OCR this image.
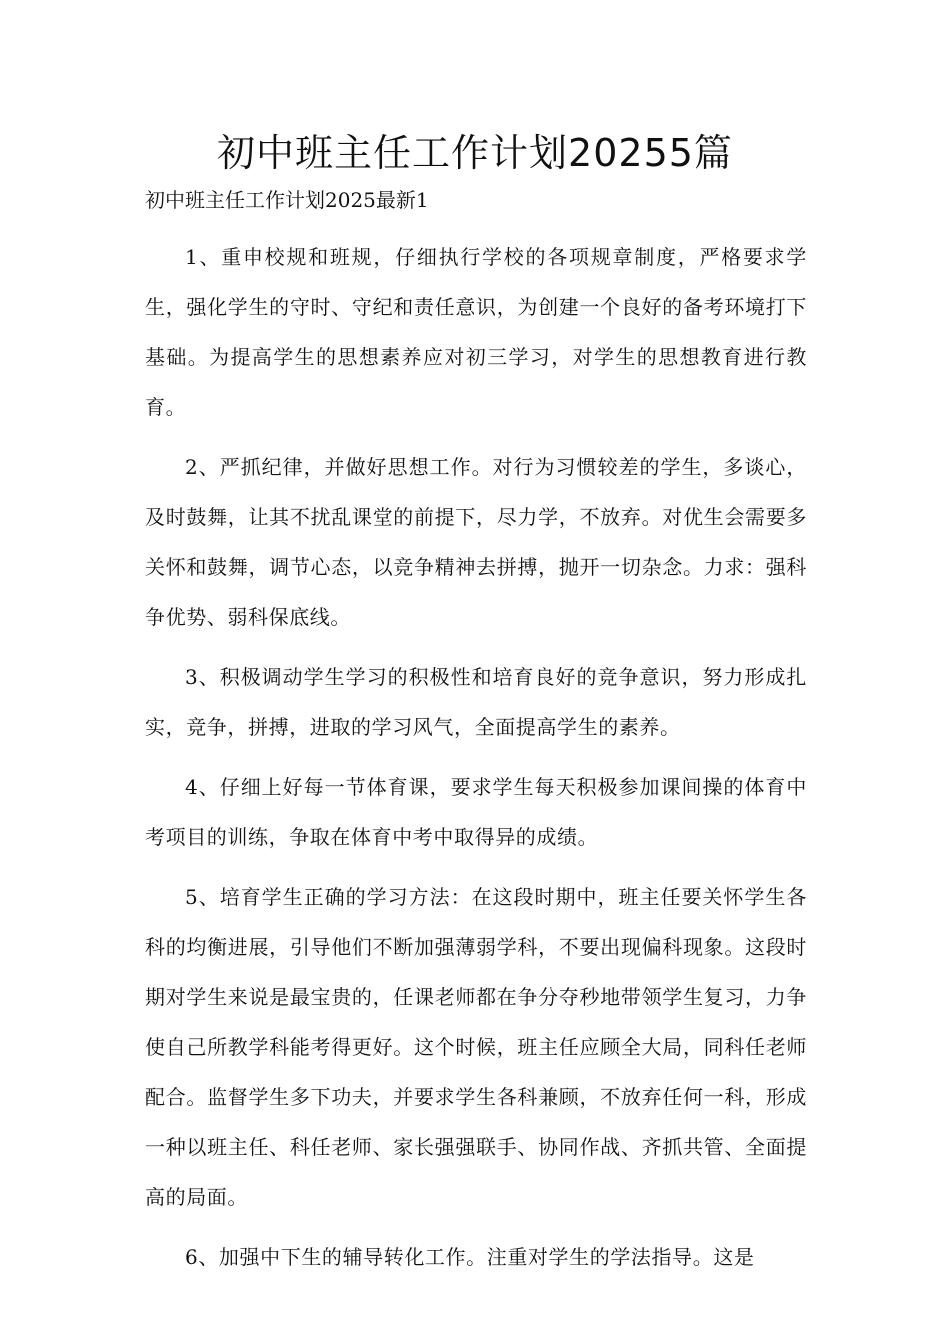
初中班主任工作计划20255篇

初中班主任工作计划2025最新1

1、重申校规和班规，仔细执行学校的各项规章制度，严格要求学生，强化学生的守时、守纪和责任意识，为创建一个良好的备考环境打下基础。为提高学生的思想素养应对初三学习，对学生的思想教育进行教育。

2、严抓纪律，并做好思想工作。对行为习惯较差的学生，多谈心，及时鼓舞，让其不扰乱课堂的前提下，尽力学，不放弃。对优生会需要多关怀和鼓舞，调节心态，以竞争精神去拼搏，抛开一切杂念。力求：强科争优势、弱科保底线。

3、积极调动学生学习的积极性和培育良好的竞争意识，努力形成扎实，竞争，拼搏，进取的学习风气，全面提高学生的素养。

4、仔细上好每一节体育课，要求学生每天积极参加课间操的体育中考项目的训练，争取在体育中考中取得异的成绩。

5、培育学生正确的学习方法：在这段时期中，班主任要关怀学生各科的均衡进展，引导他们不断加强薄弱学科，不要出现偏科现象。这段时期对学生来说是最宝贵的，任课老师都在争分夺秒地带领学生复习，力争使自己所教学科能考得更好。这个时候，班主任应顾全大局，同科任老师配合。监督学生多下功夫，并要求学生各科兼顾，不放弃任何一科，形成一种以班主任、科任老师、家长强强联手、协同作战、齐抓共管、全面提高的局面。

6、加强中下生的辅导转化工作。注重对学生的学法指导。这是
